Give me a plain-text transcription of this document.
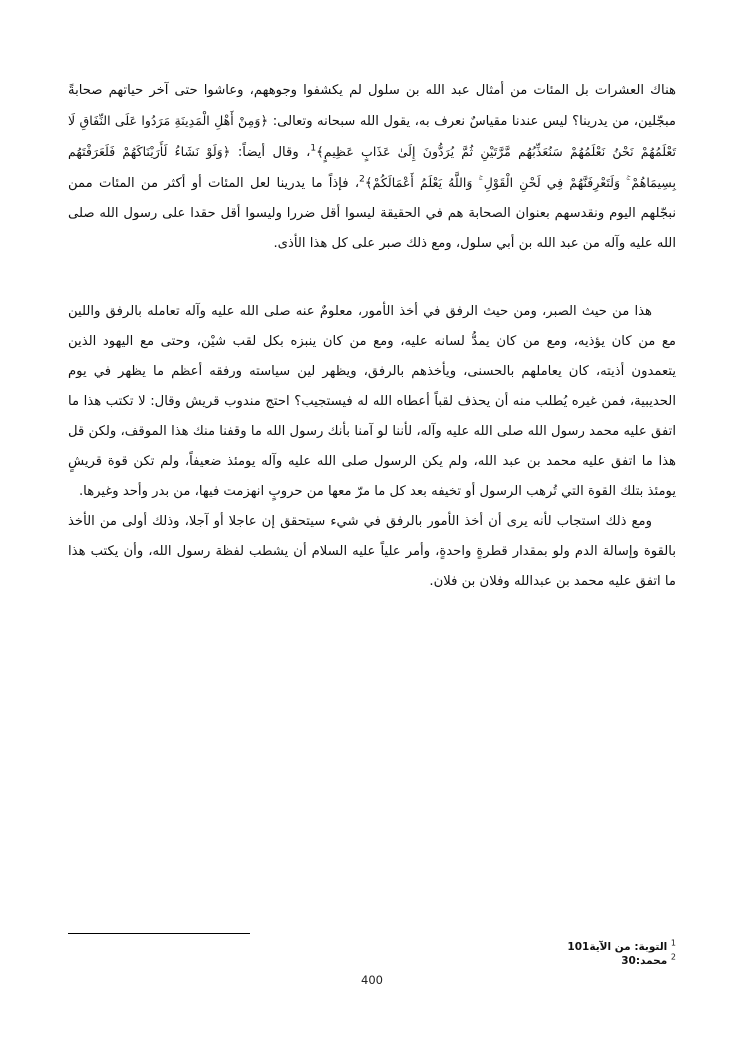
هناك العشرات بل المئات من أمثال عبد الله بن سلول لم يكشفوا وجوههم، وعاشوا حتى آخر حياتهم صحابةً مبجّلين، من يدرينا؟ ليس عندنا مقياسٌ نعرف به، يقول الله سبحانه وتعالى: ﴿وَمِنْ أَهْلِ الْمَدِينَةِ مَرَدُوا عَلَى النِّفَاقِ لَا تَعْلَمُهُمْ نَحْنُ نَعْلَمُهُمْ سَنُعَذِّبُهُم مَّرَّتَيْنِ ثُمَّ يُرَدُّونَ إِلَىٰ عَذَابٍ عَظِيمٍ﴾$^1$، وقال أيضاً: ﴿وَلَوْ نَشَاءُ لَأَرَيْنَاكَهُمْ فَلَعَرَفْتَهُم بِسِيمَاهُمْ ۚ وَلَتَعْرِفَنَّهُمْ فِي لَحْنِ الْقَوْلِ ۚ وَاللَّهُ يَعْلَمُ أَعْمَالَكُمْ﴾$^2$، فإذاً ما يدرينا لعل المئات أو أكثر من المئات ممن نبجّلهم اليوم ونقدسهم بعنوان الصحابة هم في الحقيقة ليسوا أقل ضررا وليسوا أقل حقدا على رسول الله صلى الله عليه وآله من عبد الله بن أبي سلول، ومع ذلك صبر على كل هذا الأذى.

هذا من حيث الصبر، ومن حيث الرفق في أخذ الأمور، معلومٌ عنه صلى الله عليه وآله تعامله بالرفق واللين مع من كان يؤذيه، ومع من كان يمدُّ لسانه عليه، ومع من كان ينبزه بكل لقب شيْن، وحتى مع اليهود الذين يتعمدون أذيته، كان يعاملهم بالحسنى، ويأخذهم بالرفق، ويظهر لين سياسته ورفقه أعظم ما يظهر في يوم الحديبية، فمن غيره يُطلب منه أن يحذف لقباً أعطاه الله له فيستجيب؟ احتج مندوب قريش وقال: لا تكتب هذا ما اتفق عليه محمد رسول الله صلى الله عليه وآله، لأننا لو آمنا بأنك رسول الله ما وقفنا منك هذا الموقف، ولكن قل هذا ما اتفق عليه محمد بن عبد الله، ولم يكن الرسول صلى الله عليه وآله يومئذ ضعيفاً، ولم تكن قوة قريشٍ يومئذ بتلك القوة التي تُرهب الرسول أو تخيفه بعد كل ما مرّ معها من حروبٍ انهزمت فيها، من بدر وأحد وغيرها.

ومع ذلك استجاب لأنه يرى أن أخذ الأمور بالرفق في شيء سيتحقق إن عاجلا أو آجلا، وذلك أولى من الأخذ بالقوة وإسالة الدم ولو بمقدار قطرةٍ واحدةٍ، وأمر علياً عليه السلام أن يشطب لفظة رسول الله، وأن يكتب هذا ما اتفق عليه محمد بن عبدالله وفلان بن فلان.

$^1$ التوبة: من الآية101
$^2$ محمد:30
400
